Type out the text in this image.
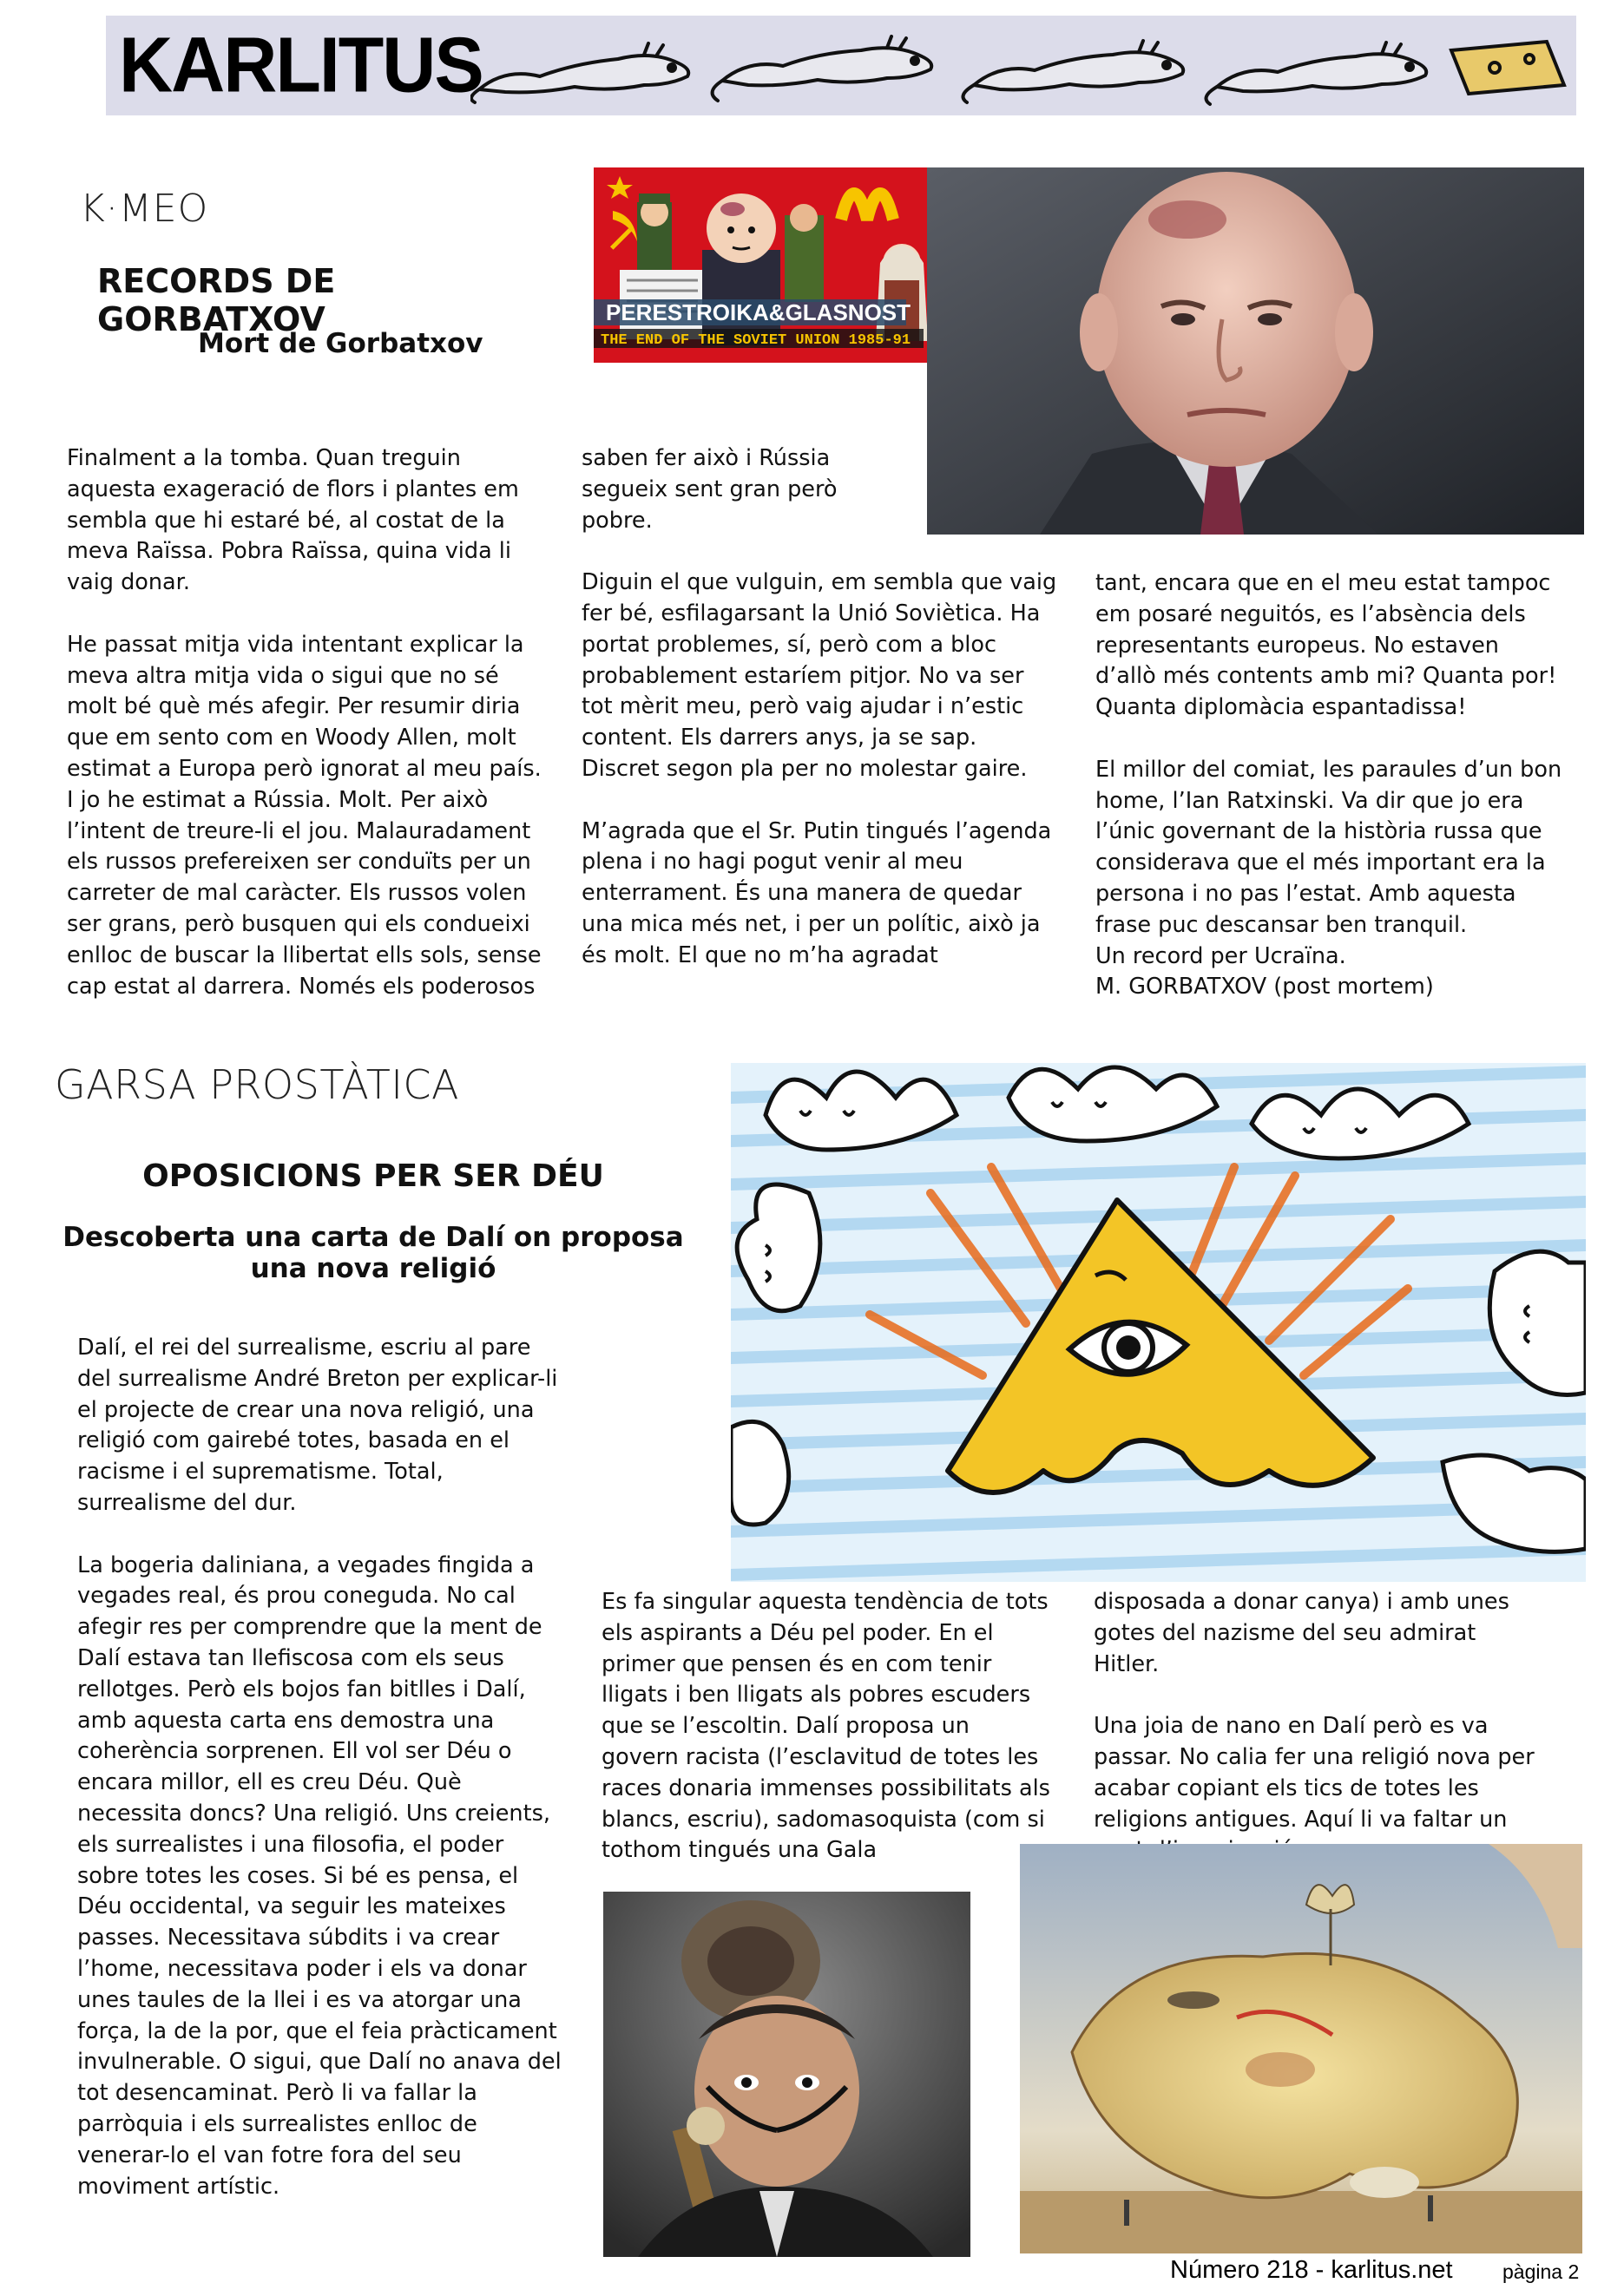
KARLITUS
K·MEO
RECORDS DE GORBATXOV
Mort de Gorbatxov
PERESTROIKA&GLASNOST
THE END OF THE SOVIET UNION 1985-91

Finalment a la tomba. Quan treguin aquesta exageració de flors i plantes em sembla que hi estaré bé, al costat de la meva Raïssa. Pobra Raïssa, quina vida li vaig donar.

He passat mitja vida intentant explicar la meva altra mitja vida o sigui que no sé molt bé què més afegir. Per resumir diria que em sento com en Woody Allen, molt estimat a Europa però ignorat al meu país. I jo he estimat a Rússia. Molt. Per això l’intent de treure-li el jou. Malauradament els russos prefereixen ser conduïts per un carreter de mal caràcter. Els russos volen ser grans, però busquen qui els condueixi enlloc de buscar la llibertat ells sols, sense cap estat al darrera. Només els poderosos

saben fer això i Rússia segueix sent gran però pobre.

Diguin el que vulguin, em sembla que vaig fer bé, esfilagarsant la Unió Soviètica. Ha portat problemes, sí, però com a bloc probablement estaríem pitjor. No va ser tot mèrit meu, però vaig ajudar i n’estic content. Els darrers anys, ja se sap. Discret segon pla per no molestar gaire.

M’agrada que el Sr. Putin tingués l’agenda plena i no hagi pogut venir al meu enterrament. És una manera de quedar una mica més net, i per un polític, això ja és molt. El que no m’ha agradat

tant, encara que en el meu estat tampoc em posaré neguitós, es l’absència dels representants europeus. No estaven d’allò més contents amb mi? Quanta por! Quanta diplomàcia espantadissa!

El millor del comiat, les paraules d’un bon home, l’Ian Ratxinski. Va dir que jo era l’únic governant de la història russa que considerava que el més important era la persona i no pas l’estat. Amb aquesta frase puc descansar ben tranquil.

Un record per Ucraïna.

M. GORBATXOV (post mortem)

GARSA PROSTÀTICA
OPOSICIONS PER SER DÉU
Descoberta una carta de Dalí on proposa
una nova religió

Dalí, el rei del surrealisme, escriu al pare del surrealisme André Breton per explicar-li el projecte de crear una nova religió, una religió com gairebé totes, basada en el racisme i el suprematisme. Total, surrealisme del dur.

La bogeria daliniana, a vegades fingida a vegades real, és prou coneguda. No cal afegir res per comprendre que la ment de Dalí estava tan llefiscosa com els seus rellotges. Però els bojos fan bitlles i Dalí, amb aquesta carta ens demostra una coherència sorprenen. Ell vol ser Déu o encara millor, ell es creu Déu. Què necessita doncs? Una religió. Uns creients, els surrealistes i una filosofia, el poder sobre totes les coses. Si bé es pensa, el Déu occidental, va seguir les mateixes passes. Necessitava súbdits i va crear l’home, necessitava poder i els va donar unes taules de la llei i es va atorgar una força, la de la por, que el feia pràcticament invulnerable. O sigui, que Dalí no anava del tot desencaminat. Però li va fallar la parròquia i els surrealistes enlloc de venerar-lo el van fotre fora del seu moviment artístic.

Es fa singular aquesta tendència de tots els aspirants a Déu pel poder. En el primer que pensen és en com tenir lligats i ben lligats als pobres escuders que se l’escoltin. Dalí proposa un govern racista (l’esclavitud de totes les races donaria immenses possibilitats als blancs, escriu), sadomasoquista (com si tothom tingués una Gala

disposada a donar canya) i amb unes gotes del nazisme del seu admirat Hitler.

Una joia de nano en Dalí però es va passar. No calia fer una religió nova per acabar copiant els tics de totes les religions antigues. Aquí li va faltar un

Número 218 - karlitus.net pàgina 2
